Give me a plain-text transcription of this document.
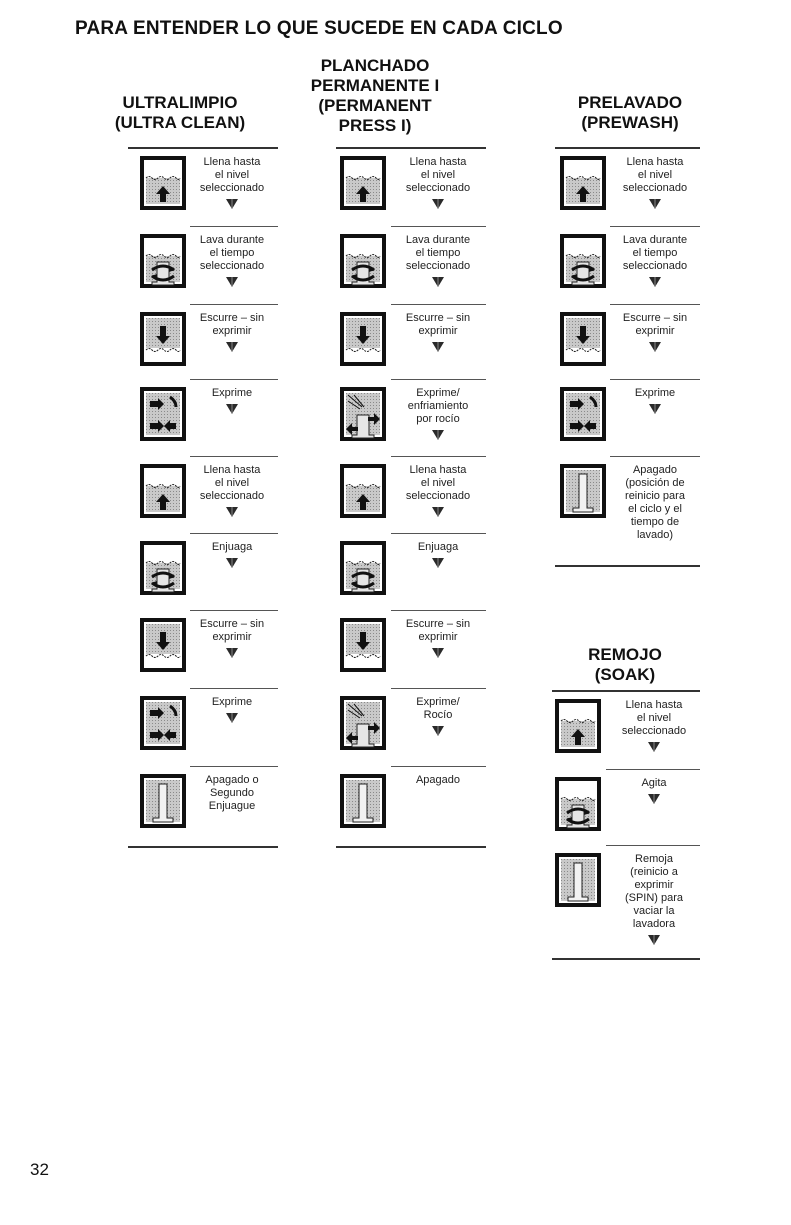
PARA ENTENDER LO QUE SUCEDE EN CADA CICLO
ULTRALIMPIO
(ULTRA CLEAN)
Llena hasta
el nivel
seleccionado
Lava durante
el tiempo
seleccionado
Escurre – sin
exprimir
Exprime
Llena hasta
el nivel
seleccionado
Enjuaga
Escurre – sin
exprimir
Exprime
Apagado o
Segundo
Enjuague
PLANCHADO
PERMANENTE I
(PERMANENT
PRESS I)
Llena hasta
el nivel
seleccionado
Lava durante
el tiempo
seleccionado
Escurre – sin
exprimir
Exprime/
enfriamiento
por rocío
Llena hasta
el nivel
seleccionado
Enjuaga
Escurre – sin
exprimir
Exprime/
Rocío
Apagado
PRELAVADO
(PREWASH)
Llena hasta
el nivel
seleccionado
Lava durante
el tiempo
seleccionado
Escurre – sin
exprimir
Exprime
Apagado
(posición de
reinicio para
el ciclo y el
tiempo de
lavado)
REMOJO
(SOAK)
Llena hasta
el nivel
seleccionado
Agita
Remoja
(reinicio a
exprimir
(SPIN) para
vaciar la
lavadora
32
